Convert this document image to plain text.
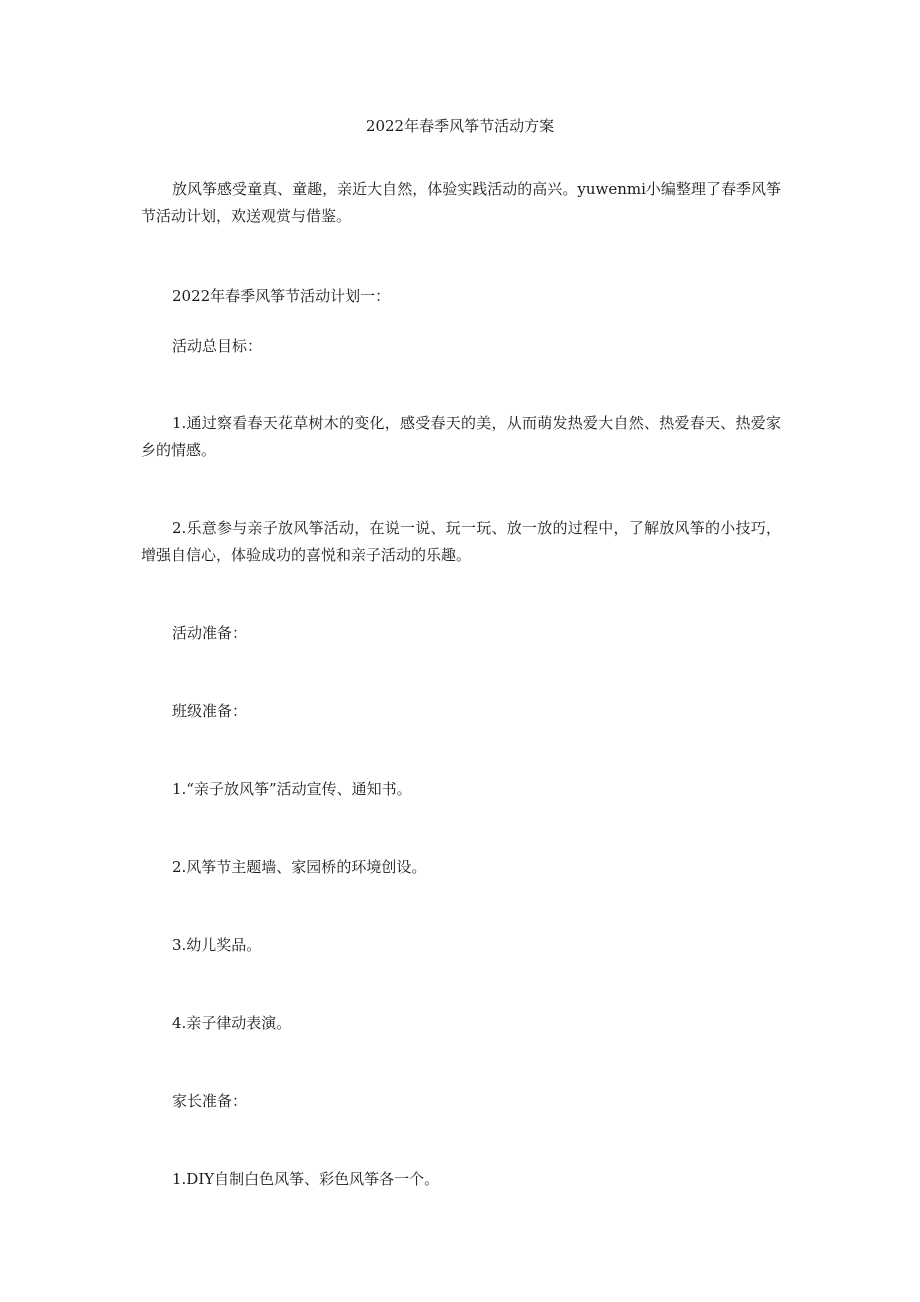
2022年春季风筝节活动方案
放风筝感受童真、童趣，亲近大自然，体验实践活动的高兴。yuwenmi小编整理了春季风筝节活动计划，欢送观赏与借鉴。
2022年春季风筝节活动计划一：
活动总目标：
1.通过察看春天花草树木的变化，感受春天的美，从而萌发热爱大自然、热爱春天、热爱家乡的情感。
2.乐意参与亲子放风筝活动，在说一说、玩一玩、放一放的过程中，了解放风筝的小技巧，增强自信心，体验成功的喜悦和亲子活动的乐趣。
活动准备：
班级准备：
1.“亲子放风筝”活动宣传、通知书。
2.风筝节主题墙、家园桥的环境创设。
3.幼儿奖品。
4.亲子律动表演。
家长准备：
1.DIY自制白色风筝、彩色风筝各一个。
